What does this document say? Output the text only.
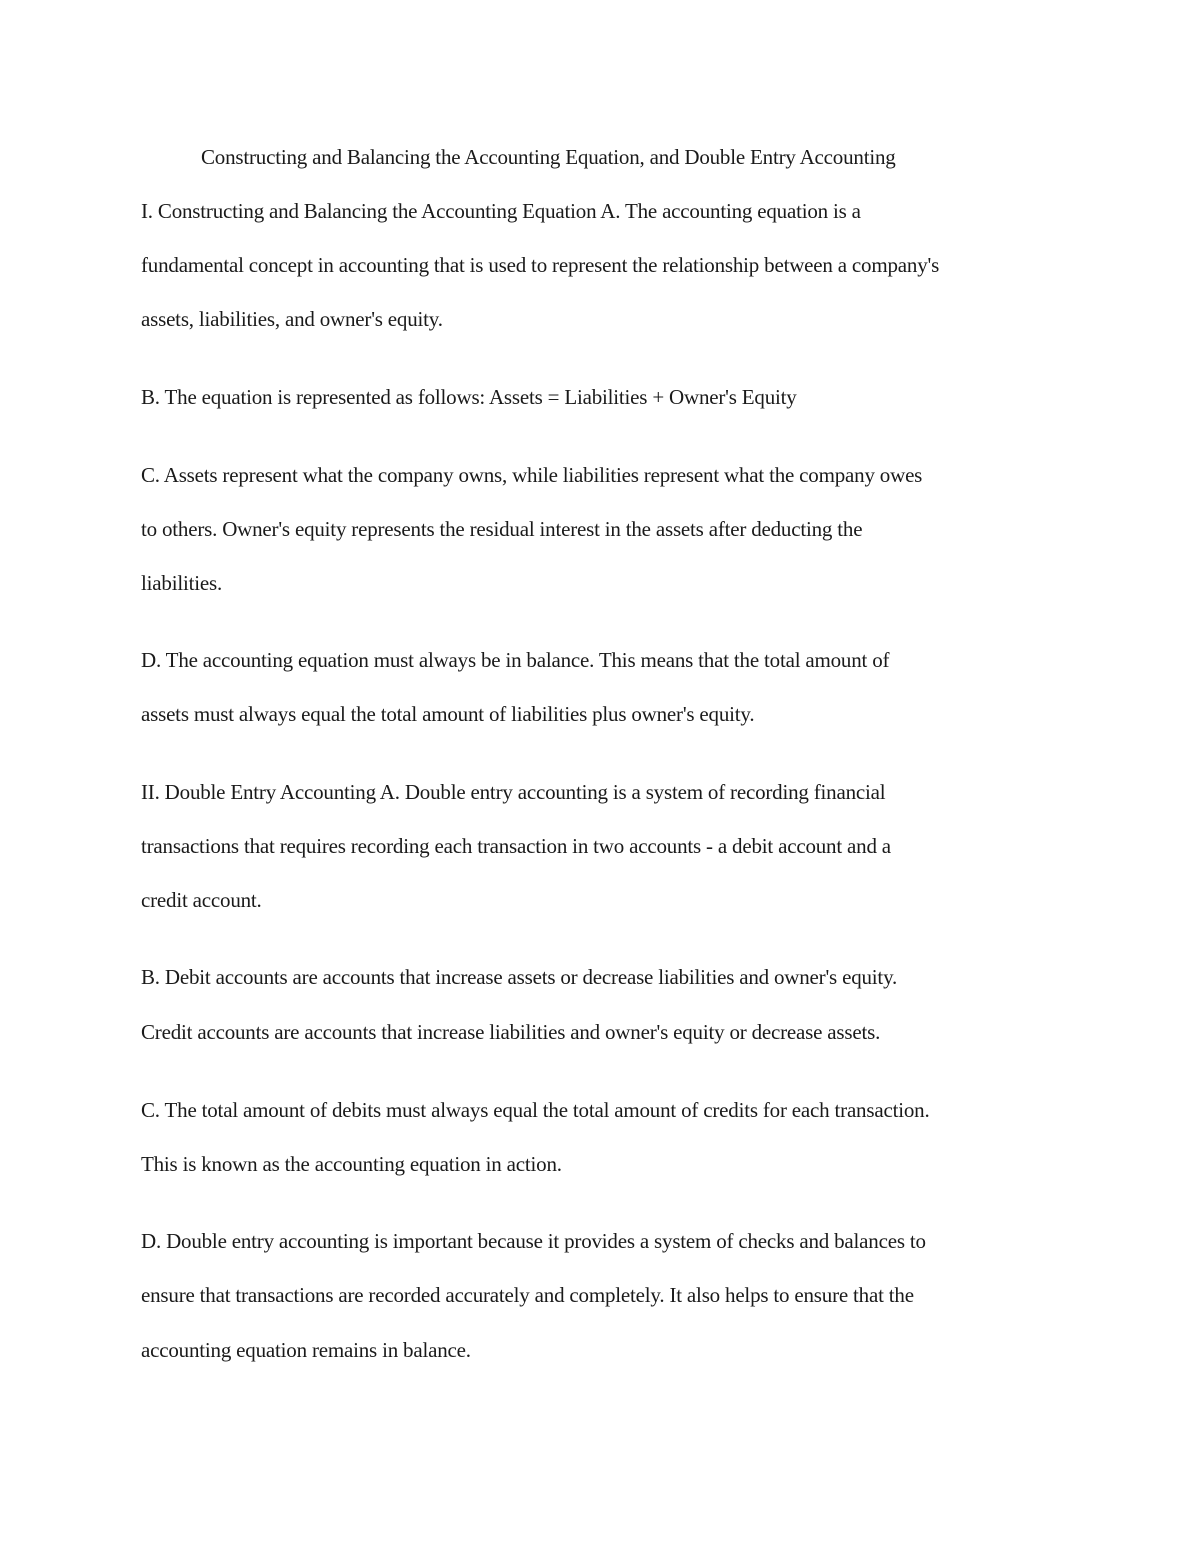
Constructing and Balancing the Accounting Equation, and Double Entry Accounting
I. Constructing and Balancing the Accounting Equation A. The accounting equation is a
fundamental concept in accounting that is used to represent the relationship between a company's
assets, liabilities, and owner's equity.
B. The equation is represented as follows: Assets = Liabilities + Owner's Equity
C. Assets represent what the company owns, while liabilities represent what the company owes
to others. Owner's equity represents the residual interest in the assets after deducting the
liabilities.
D. The accounting equation must always be in balance. This means that the total amount of
assets must always equal the total amount of liabilities plus owner's equity.
II. Double Entry Accounting A. Double entry accounting is a system of recording financial
transactions that requires recording each transaction in two accounts - a debit account and a
credit account.
B. Debit accounts are accounts that increase assets or decrease liabilities and owner's equity.
Credit accounts are accounts that increase liabilities and owner's equity or decrease assets.
C. The total amount of debits must always equal the total amount of credits for each transaction.
This is known as the accounting equation in action.
D. Double entry accounting is important because it provides a system of checks and balances to
ensure that transactions are recorded accurately and completely. It also helps to ensure that the
accounting equation remains in balance.
